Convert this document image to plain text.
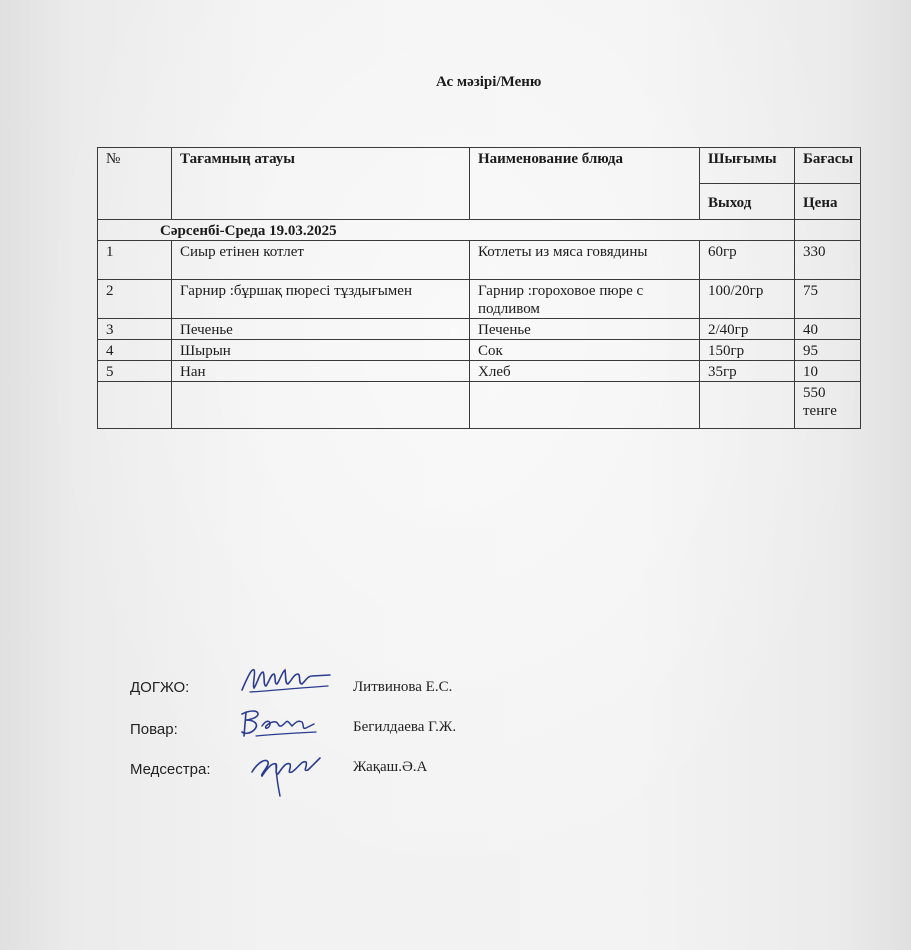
Ас мәзірі/Меню
№	Тағамның атауы	Наименование блюда	Шығымы	Бағасы
			Выход	Цена
Сәрсенбі-Среда 19.03.2025				
1	Сиыр етінен котлет	Котлеты из мяса говядины	60гр	330
2	Гарнир :бұршақ пюресі тұздығымен	Гарнир :гороховое пюре с подливом	100/20гр	75
3	Печенье	Печенье	2/40гр	40
4	Шырын	Сок	150гр	95
5	Нан	Хлеб	35гр	10
				550 тенге
ДОГЖО:	Литвинова Е.С.
Повар:	Бегилдаева Г.Ж.
Медсестра:	Жақаш.Ә.А
